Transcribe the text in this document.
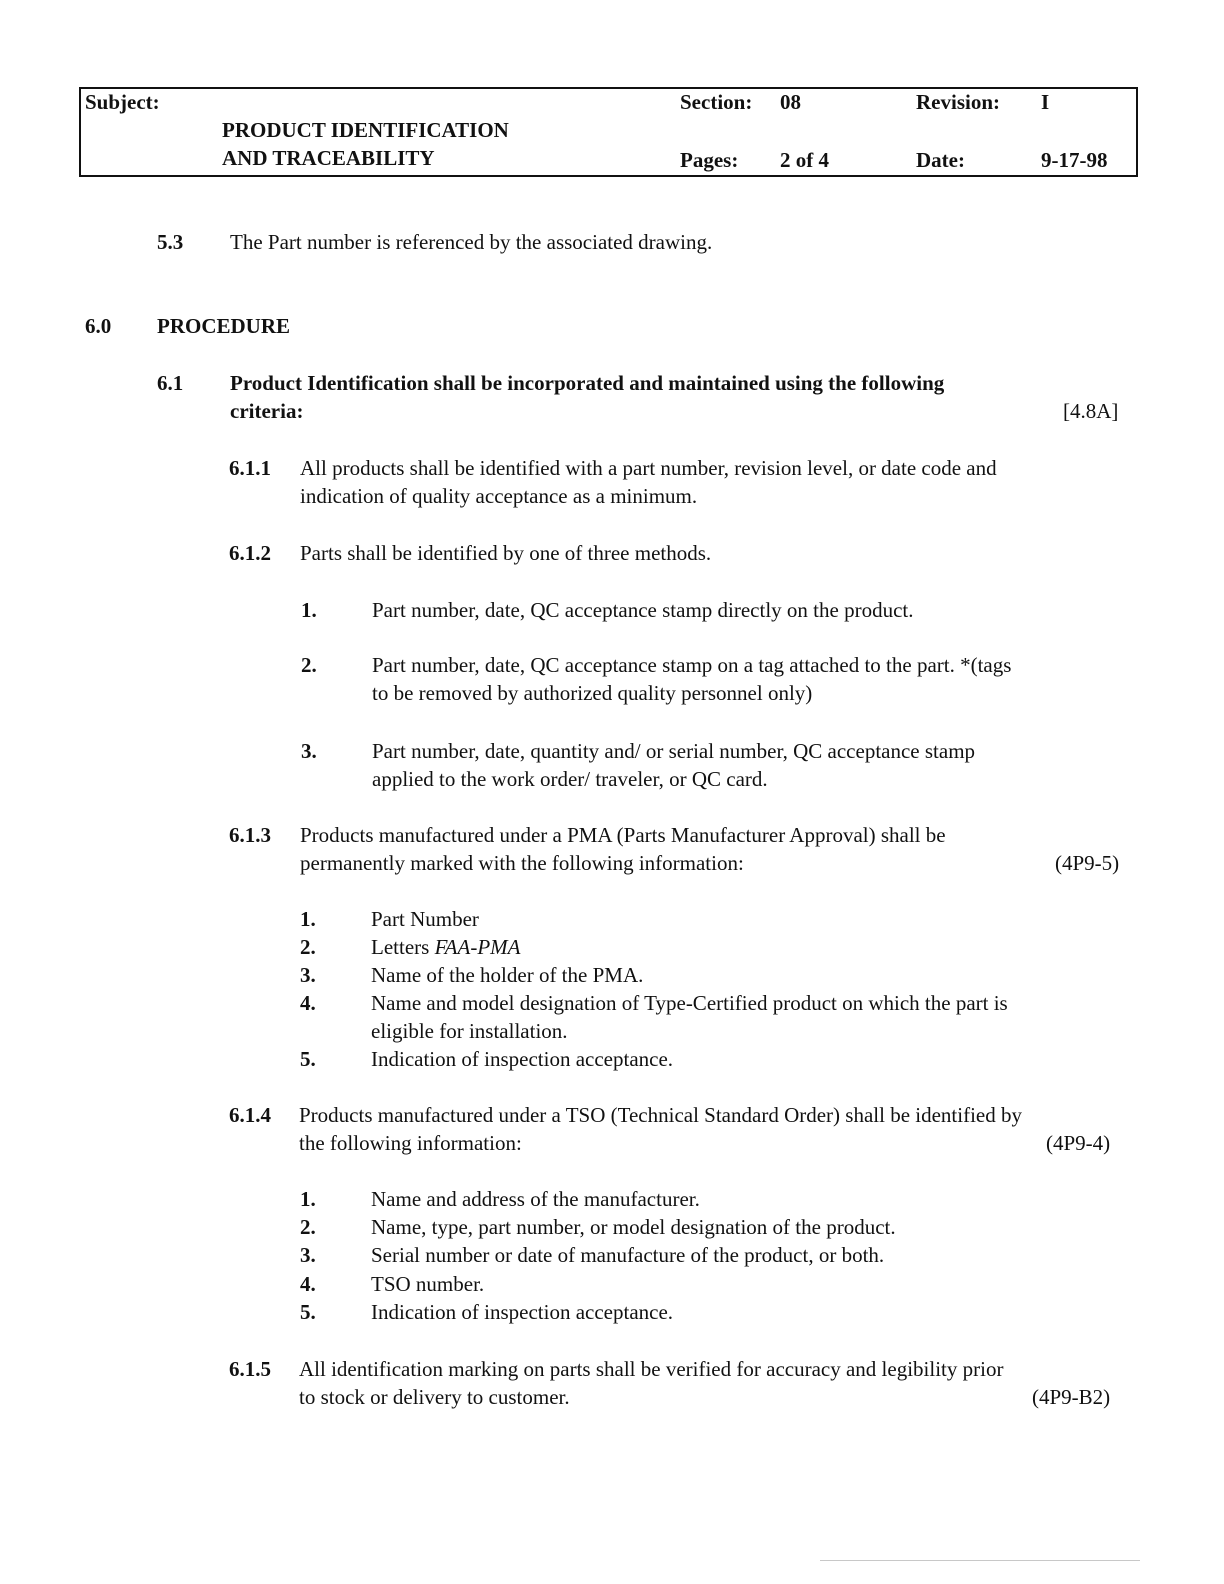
Subject:
PRODUCT IDENTIFICATION
AND TRACEABILITY
Section: 08	Revision: I
Pages: 2 of 4	Date:	9-17-98
5.3 The Part number is referenced by the associated drawing.
6.0 PROCEDURE
6.1 Product Identification shall be incorporated and maintained using the following
criteria:	[4.8A]
6.1.1 All products shall be identified with a part number, revision level, or date code and
indication of quality acceptance as a minimum.
6.1.2 Parts shall be identified by one of three methods.
1.	Part number, date, QC acceptance stamp directly on the product.
2.	Part number, date, QC acceptance stamp on a tag attached to the part. *(tags
to be removed by authorized quality personnel only)
3.	Part number, date, quantity and/ or serial number, QC acceptance stamp
applied to the work order/ traveler, or QC card.
6.1.3 Products manufactured under a PMA (Parts Manufacturer Approval) shall be
permanently marked with the following information:	(4P9-5)
1.	Part Number
2.	Letters FAA-PMA
3.	Name of the holder of the PMA.
4.	Name and model designation of Type-Certified product on which the part is
eligible for installation.
5.	Indication of inspection acceptance.
6.1.4 Products manufactured under a TSO (Technical Standard Order) shall be identified by
the following information:	(4P9-4)
1.	Name and address of the manufacturer.
2.	Name, type, part number, or model designation of the product.
3.	Serial number or date of manufacture of the product, or both.
4.	TSO number.
5.	Indication of inspection acceptance.
6.1.5 All identification marking on parts shall be verified for accuracy and legibility prior
to stock or delivery to customer.	(4P9-B2)
